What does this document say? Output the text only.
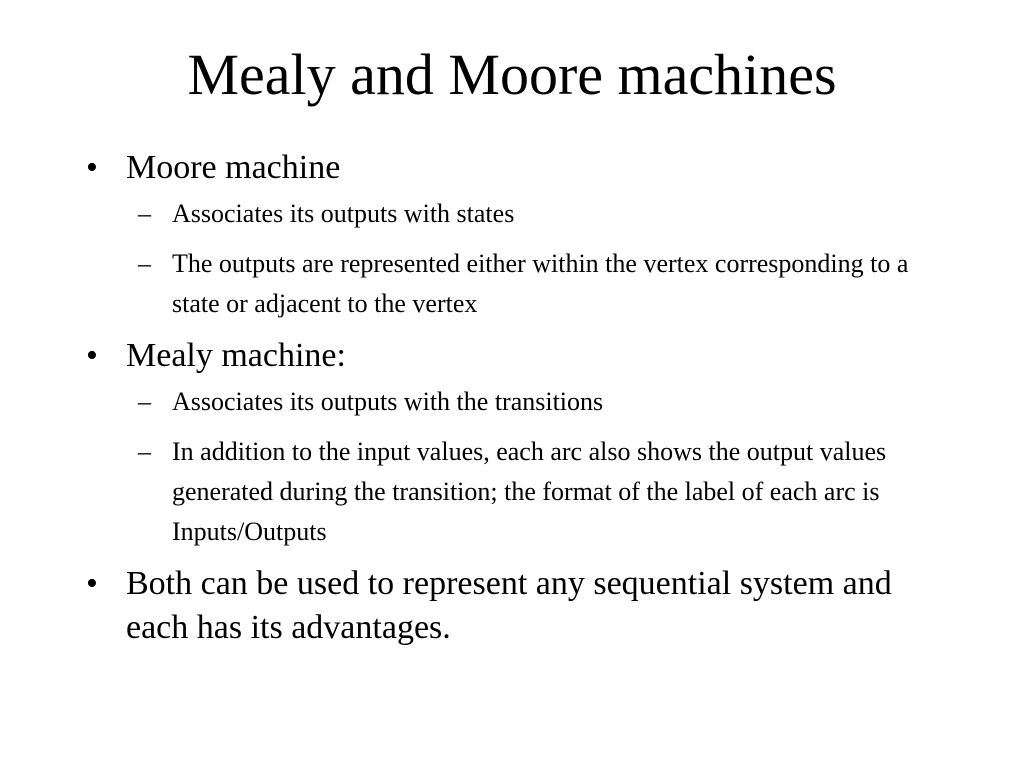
Mealy and Moore machines
• Moore machine
– Associates its outputs with states
– The outputs are represented either within the vertex corresponding to a state or adjacent to the vertex
• Mealy machine:
– Associates its outputs with the transitions
– In addition to the input values, each arc also shows the output values generated during the transition; the format of the label of each arc is Inputs/Outputs
• Both can be used to represent any sequential system and each has its advantages.
